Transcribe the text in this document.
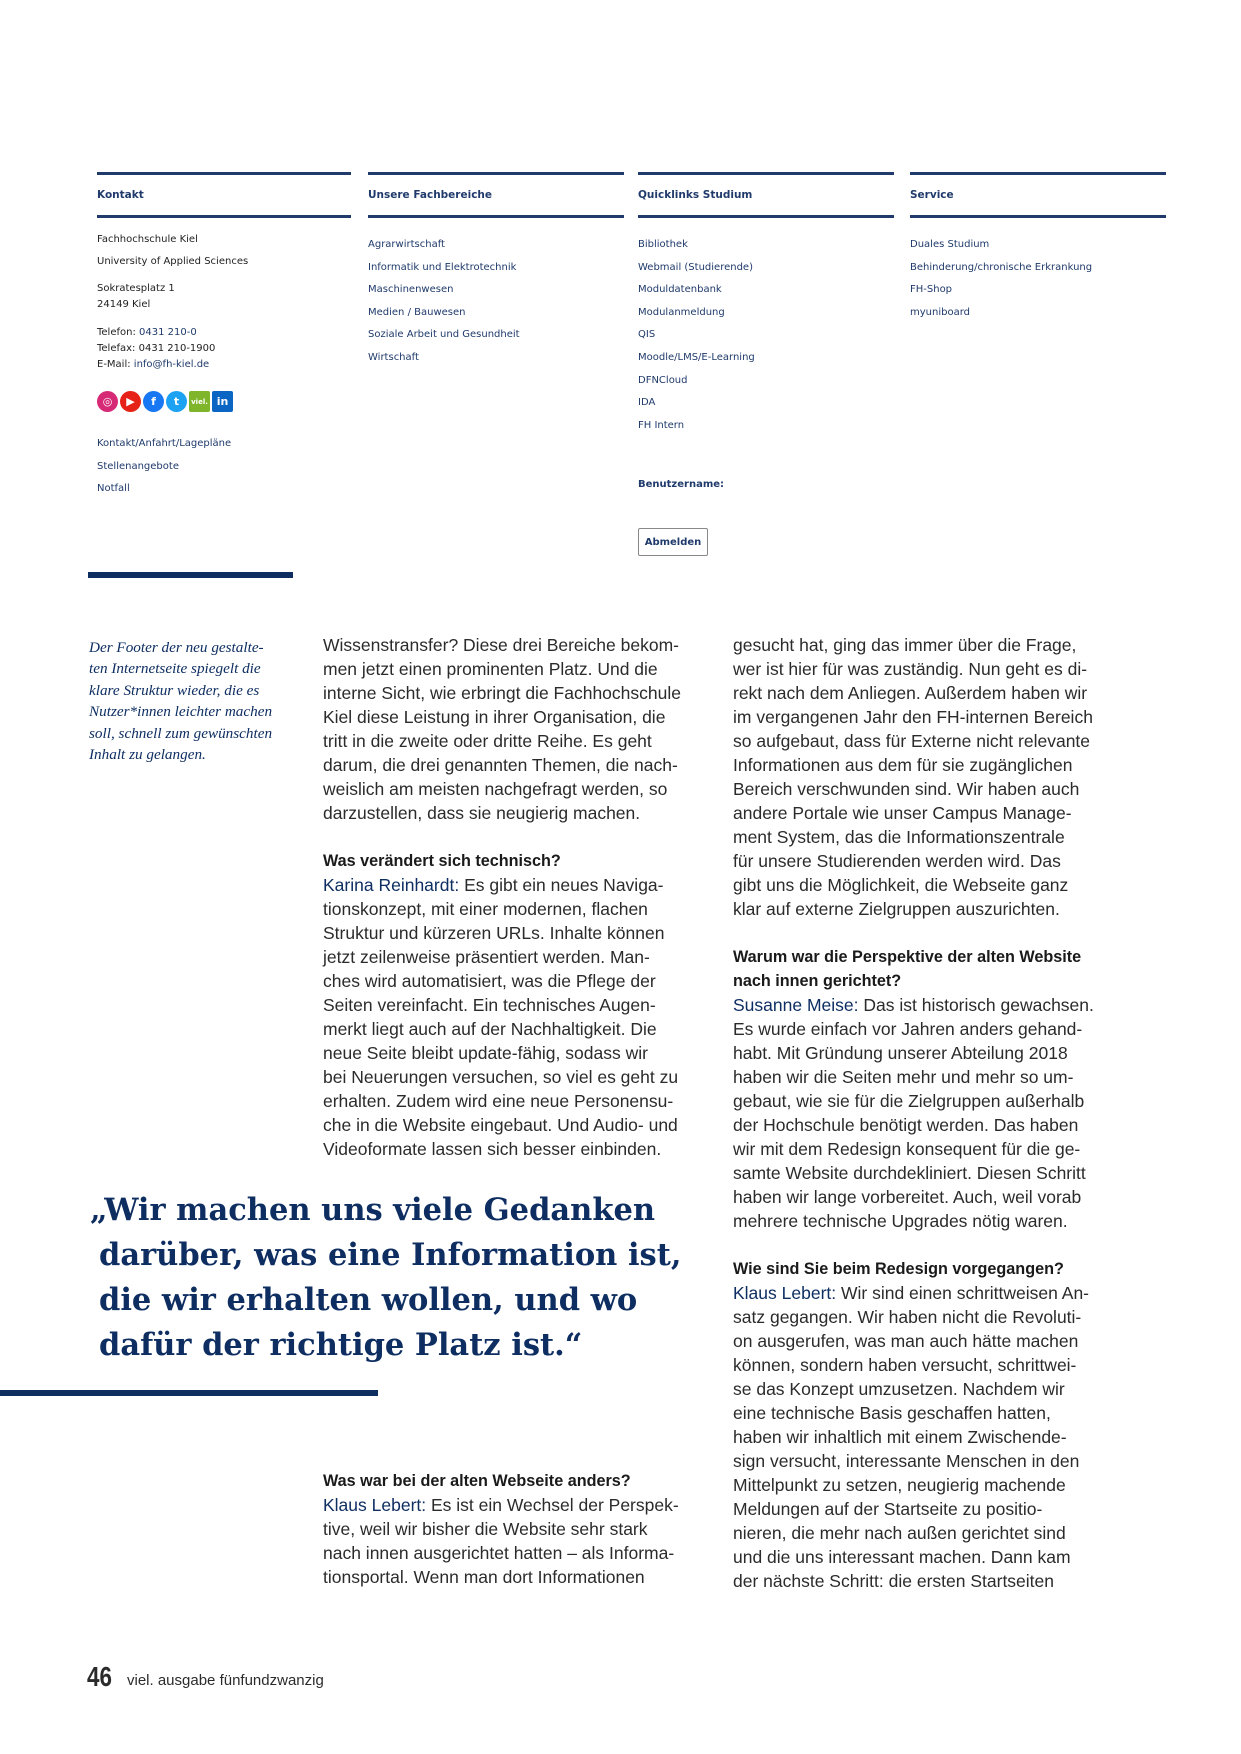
Kontakt
Fachhochschule Kiel
University of Applied Sciences
Sokratesplatz 1
24149 Kiel
Telefon: 0431 210-0
Telefax: 0431 210-1900
E-Mail: info@fh-kiel.de
◎	▶	f	t	viel. in
Kontakt/Anfahrt/Lagepläne
Stellenangebote
Notfall
Unsere Fachbereiche
Agrarwirtschaft
Informatik und Elektrotechnik
Maschinenwesen
Medien / Bauwesen
Soziale Arbeit und Gesundheit
Wirtschaft
Quicklinks Studium
Bibliothek
Webmail (Studierende)
Moduldatenbank
Modulanmeldung
QIS
Moodle/LMS/E-Learning
DFNCloud
IDA
FH Intern
Benutzername:
Abmelden
Service
Duales Studium
Behinderung/chronische Erkrankung
FH-Shop
myuniboard
Der Footer der neu gestalte-
ten Internetseite spiegelt die
klare Struktur wieder, die es
Nutzer*innen leichter machen
soll, schnell zum gewünschten
Inhalt zu gelangen.

Wissenstransfer? Diese drei Bereiche bekom-
men jetzt einen prominenten Platz. Und die
interne Sicht, wie erbringt die Fachhochschule
Kiel diese Leistung in ihrer Organisation, die
tritt in die zweite oder dritte Reihe. Es geht
darum, die drei genannten Themen, die nach-
weislich am meisten nachgefragt werden, so
darzustellen, dass sie neugierig machen.

Was verändert sich technisch?

Karina Reinhardt: Es gibt ein neues Naviga-
tionskonzept, mit einer modernen, flachen
Struktur und kürzeren URLs. Inhalte können
jetzt zeilenweise präsentiert werden. Man-
ches wird automatisiert, was die Pflege der
Seiten vereinfacht. Ein technisches Augen-
merkt liegt auch auf der Nachhaltigkeit. Die
neue Seite bleibt update-fähig, sodass wir
bei Neuerungen versuchen, so viel es geht zu
erhalten. Zudem wird eine neue Personensu-
che in die Website eingebaut. Und Audio- und
Videoformate lassen sich besser einbinden.

„Wir machen uns viele Gedanken
darüber, was eine Information ist,
die wir erhalten wollen, und wo
dafür der richtige Platz ist.“

Was war bei der alten Webseite anders?

Klaus Lebert: Es ist ein Wechsel der Perspek-
tive, weil wir bisher die Website sehr stark
nach innen ausgerichtet hatten – als Informa-
tionsportal. Wenn man dort Informationen

gesucht hat, ging das immer über die Frage,
wer ist hier für was zuständig. Nun geht es di-
rekt nach dem Anliegen. Außerdem haben wir
im vergangenen Jahr den FH-internen Bereich
so aufgebaut, dass für Externe nicht relevante
Informationen aus dem für sie zugänglichen
Bereich verschwunden sind. Wir haben auch
andere Portale wie unser Campus Manage-
ment System, das die Informationszentrale
für unsere Studierenden werden wird. Das
gibt uns die Möglichkeit, die Webseite ganz
klar auf externe Zielgruppen auszurichten.

Warum war die Perspektive der alten Website
nach innen gerichtet?

Susanne Meise: Das ist historisch gewachsen.
Es wurde einfach vor Jahren anders gehand-
habt. Mit Gründung unserer Abteilung 2018
haben wir die Seiten mehr und mehr so um-
gebaut, wie sie für die Zielgruppen außerhalb
der Hochschule benötigt werden. Das haben
wir mit dem Redesign konsequent für die ge-
samte Website durchdekliniert. Diesen Schritt
haben wir lange vorbereitet. Auch, weil vorab
mehrere technische Upgrades nötig waren.

Wie sind Sie beim Redesign vorgegangen?

Klaus Lebert: Wir sind einen schrittweisen An-
satz gegangen. Wir haben nicht die Revoluti-
on ausgerufen, was man auch hätte machen
können, sondern haben versucht, schrittwei-
se das Konzept umzusetzen. Nachdem wir
eine technische Basis geschaffen hatten,
haben wir inhaltlich mit einem Zwischende-
sign versucht, interessante Menschen in den
Mittelpunkt zu setzen, neugierig machende
Meldungen auf der Startseite zu positio-
nieren, die mehr nach außen gerichtet sind
und die uns interessant machen. Dann kam
der nächste Schritt: die ersten Startseiten

46	viel. ausgabe fünfundzwanzig
